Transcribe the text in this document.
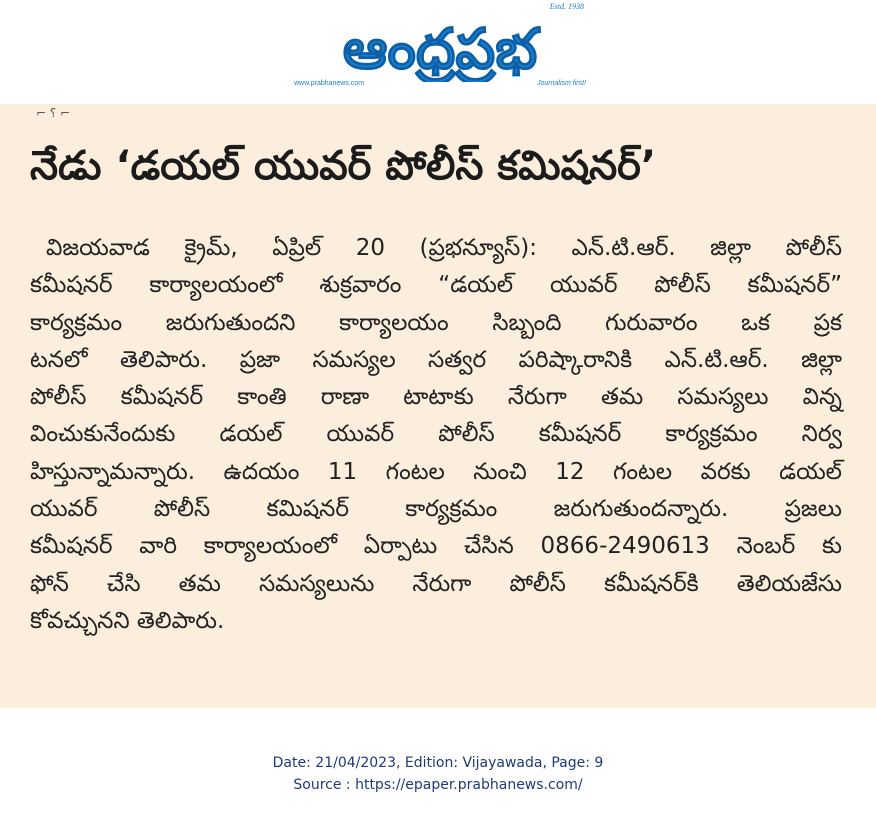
ఆంధ్రప్రభ
Estd. 1938
www.prabhanews.com	Journalism first!
⌐ ⸮ ⌐
నేడు ‘డయల్ యువర్ పోలీస్ కమిషనర్’
విజయవాడ క్రైమ్, ఏప్రిల్ 20 (ప్రభన్యూస్): ఎన్.టి.ఆర్. జిల్లా పోలీస్
కమీషనర్ కార్యాలయంలో శుక్రవారం “డయల్ యువర్ పోలీస్ కమీషనర్”
కార్యక్రమం జరుగుతుందని కార్యాలయం సిబ్బంది గురువారం ఒక ప్రక
టనలో తెలిపారు. ప్రజా సమస్యల సత్వర పరిష్కారానికి ఎన్.టి.ఆర్. జిల్లా
పోలీస్ కమీషనర్ కాంతి రాణా టాటాకు నేరుగా తమ సమస్యలు విన్న
వించుకునేందుకు డయల్ యువర్ పోలీస్ కమీషనర్ కార్యక్రమం నిర్వ
హిస్తున్నామన్నారు. ఉదయం 11 గంటల నుంచి 12 గంటల వరకు డయల్
యువర్ పోలీస్ కమిషనర్ కార్యక్రమం జరుగుతుందన్నారు. ప్రజలు
కమీషనర్ వారి కార్యాలయంలో ఏర్పాటు చేసిన 0866-2490613 నెంబర్ కు
ఫోన్ చేసి తమ సమస్యలును నేరుగా పోలీస్ కమీషనర్‌కి తెలియజేసు
కోవచ్చునని తెలిపారు.
Date: 21/04/2023, Edition: Vijayawada, Page: 9
Source : https://epaper.prabhanews.com/
